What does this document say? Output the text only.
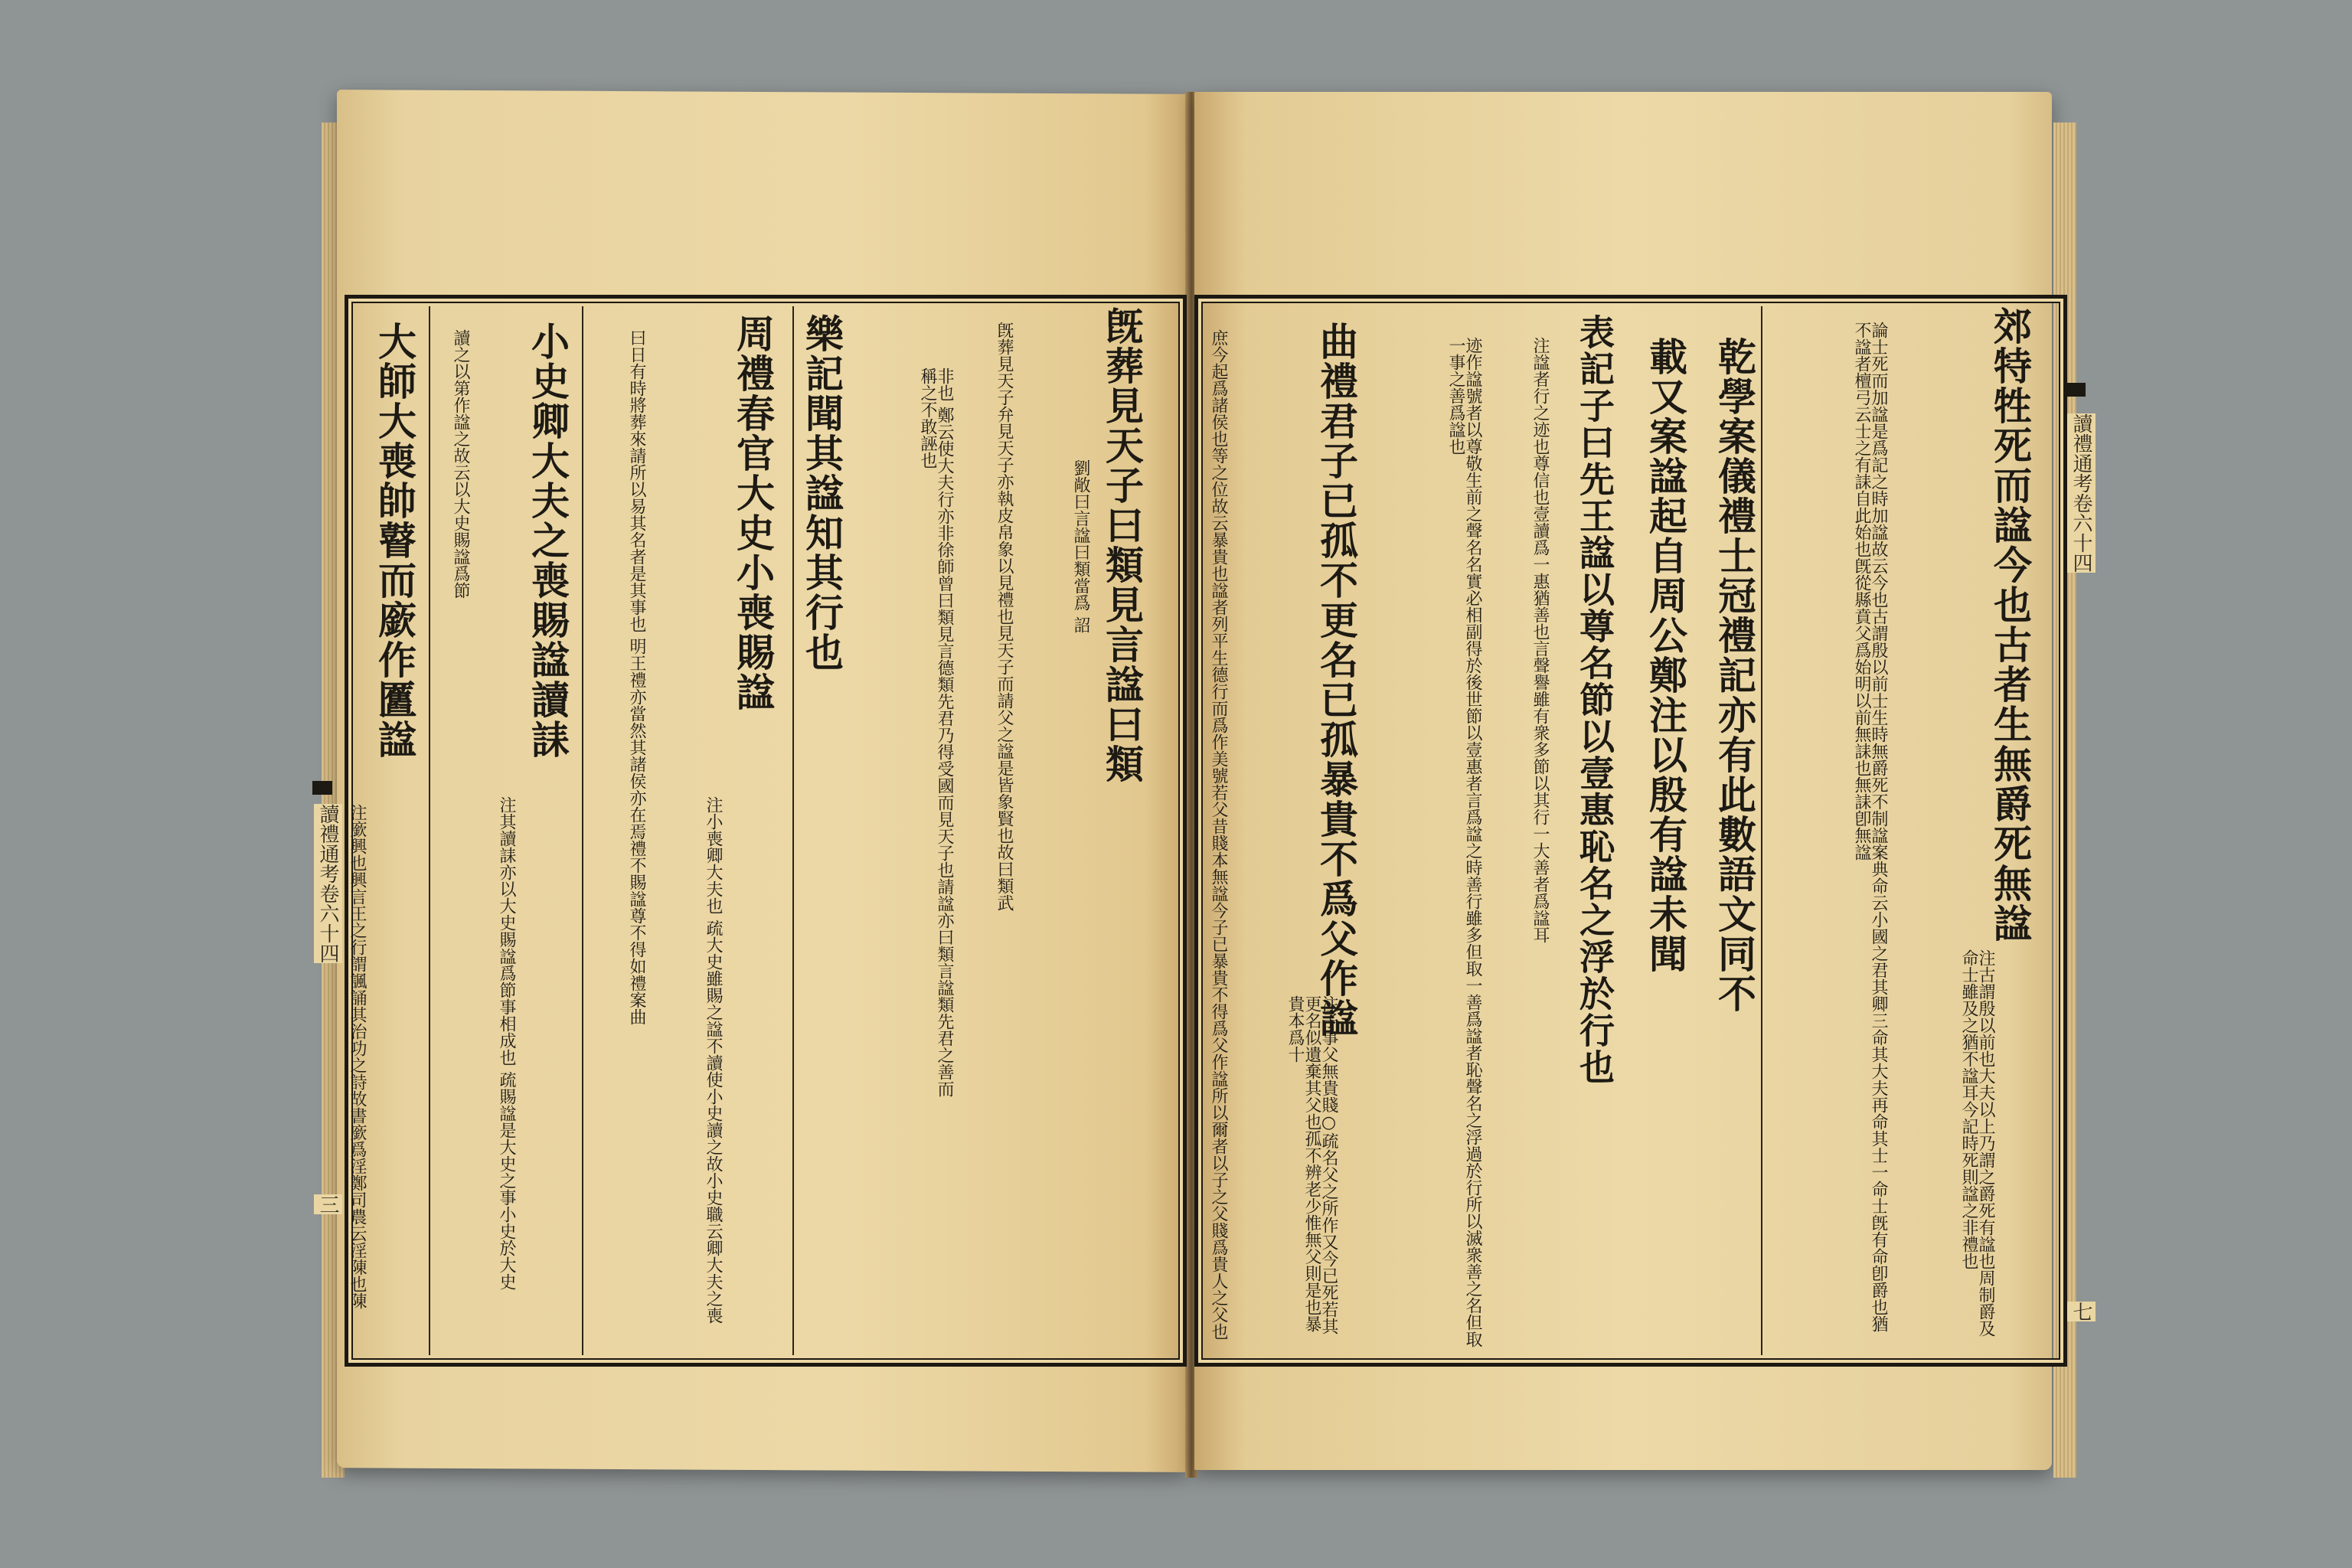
旣葬見天子曰類見言諡曰類
劉敞曰言諡曰類當爲 詔
旣葬見天子弁見天子亦執皮帛象以見禮也見天子而請父之諡是皆象賢也故曰類武
非也 鄭云使大夫行亦非徐師曾曰類見言德類先君乃得受國而見天子也請諡亦曰類言諡類先君之善而稱之不敢誣也
樂記聞其諡知其行也
周禮春官大史小喪賜諡
注小喪卿大夫也 疏大史雖賜之諡不讀使小史讀之故小史職云卿大夫之喪
曰日有時將葬來請所以易其名者是其事也 明王禮亦當然其諸侯亦在焉禮不賜諡尊不得如禮案曲
小史卿大夫之喪賜諡讀誄
注其讀誄亦以大史賜諡爲節事相成也 疏賜諡是大史之事小史於大史
讀之以第作諡之故云以大史賜諡爲節
大師大喪帥瞽而廞作匶諡
注廞興也興言王之行謂諷誦其治功之詩故書廞爲淫鄭司農云淫陳也陳
讀禮通考卷六十四
三
郊特牲死而諡今也古者生無爵死無諡
注古謂殷以前也大夫以上乃謂之爵死有諡也周制爵及命士雖及之猶不諡耳今記時死則諡之非禮也
論士死而加諡是爲記之時加諡故云今也古謂殷以前士生時無爵死不制諡案典命云小國之君其卿三命其大夫再命其士一命士旣有命卽爵也猶不諡者檀弓云士之有誄自此始也旣從縣賁父爲始明以前無誄也無誄卽無諡
乾學案儀禮士冠禮記亦有此數語文同不
載又案諡起自周公鄭注以殷有諡未聞
表記子曰先王諡以尊名節以壹惠恥名之浮於行也
注諡者行之迹也尊信也壹讀爲一惠猶善也言聲譽雖有衆多節以其行一大善者爲諡耳
迹作諡號者以尊敬生前之聲名名實必相副得於後世節以壹惠者言爲諡之時善行雖多但取一善爲諡者恥聲名之浮過於行所以滅衆善之名但取一事之善爲諡也
曲禮君子已孤不更名已孤暴貴不爲父作諡
注子事父無貴賤○疏名父之所作又今已死若其更名似遺棄其父也孤不辨老少惟無父則是也暴貴本爲十
庶今起爲諸侯也等之位故云暴貴也諡者列平生德行而爲作美號若父昔賤本無諡今子已暴貴不得爲父作諡所以爾者以子之父賤爲貴人之父也	讀禮通考卷六十四
七
